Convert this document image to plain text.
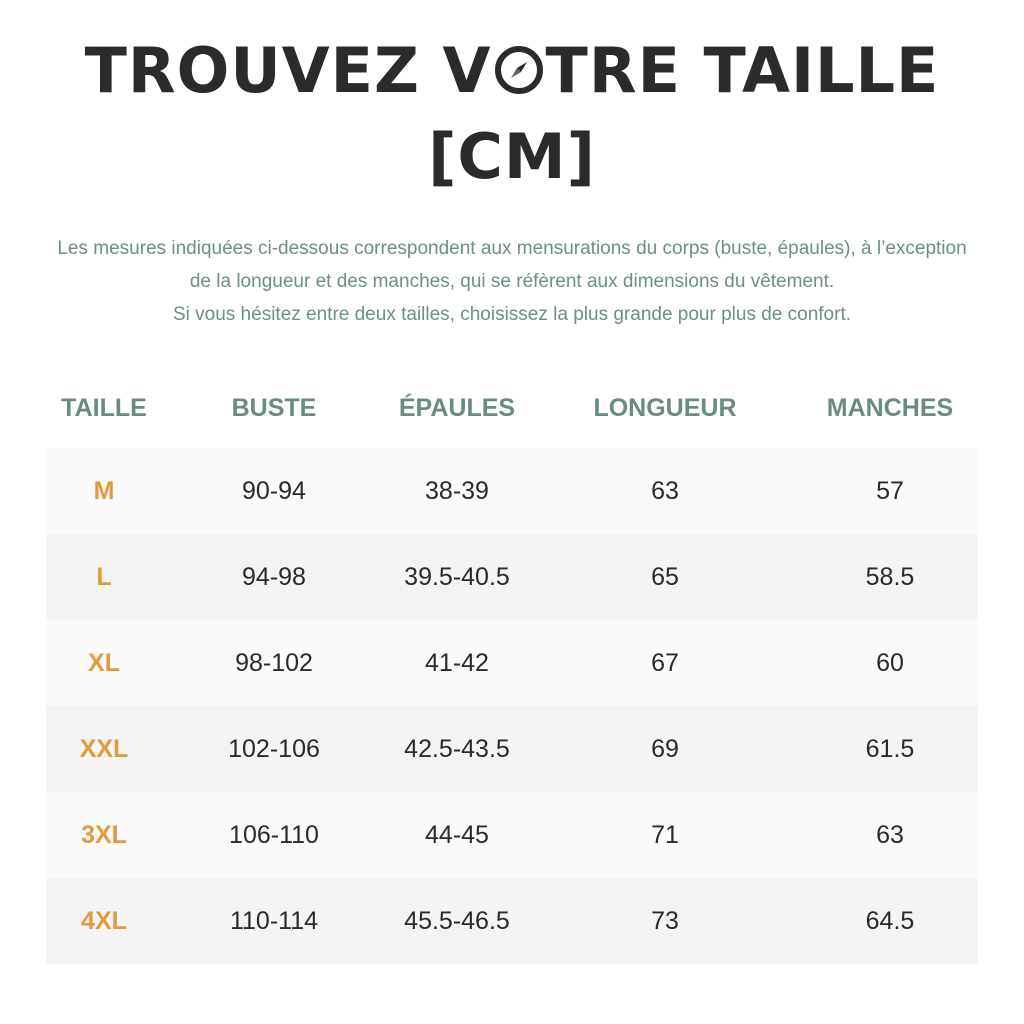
TROUVEZ V TRE TAILLE
[CM]
Les mesures indiquées ci-dessous correspondent aux mensurations du corps (buste, épaules), à l’exception
de la longueur et des manches, qui se réfèrent aux dimensions du vêtement.
Si vous hésitez entre deux tailles, choisissez la plus grande pour plus de confort.
TAILLE	BUSTE	ÉPAULES	LONGUEUR	MANCHES
M	90-94	38-39	63	57
L	94-98	39.5-40.5	65	58.5
XL	98-102	41-42	67	60
XXL	102-106	42.5-43.5	69	61.5
3XL	106-110	44-45	71	63
4XL	110-114	45.5-46.5	73	64.5
